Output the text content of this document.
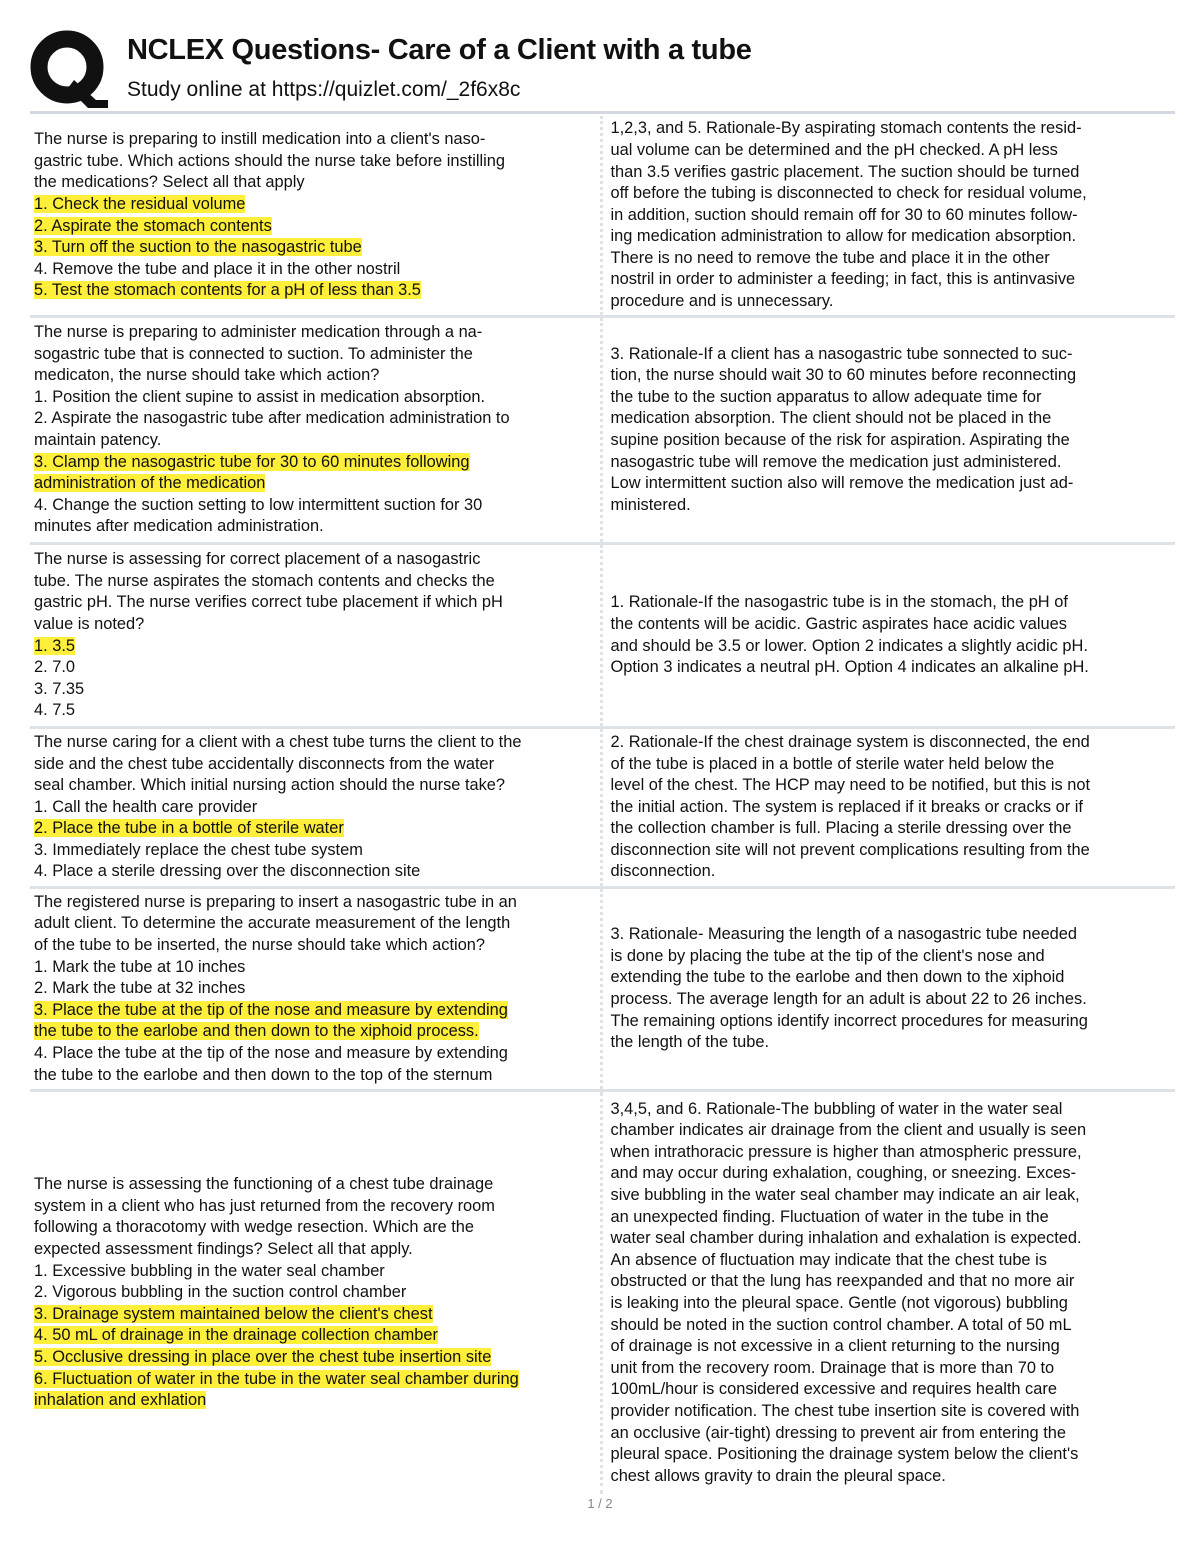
NCLEX Questions- Care of a Client with a tube
Study online at https://quizlet.com/_2f6x8c
The nurse is preparing to instill medication into a client's naso-
gastric tube. Which actions should the nurse take before instilling
the medications? Select all that apply
1. Check the residual volume
2. Aspirate the stomach contents
3. Turn off the suction to the nasogastric tube
4. Remove the tube and place it in the other nostril
5. Test the stomach contents for a pH of less than 3.5
1,2,3, and 5. Rationale-By aspirating stomach contents the resid-
ual volume can be determined and the pH checked. A pH less
than 3.5 verifies gastric placement. The suction should be turned
off before the tubing is disconnected to check for residual volume,
in addition, suction should remain off for 30 to 60 minutes follow-
ing medication administration to allow for medication absorption.
There is no need to remove the tube and place it in the other
nostril in order to administer a feeding; in fact, this is antinvasive
procedure and is unnecessary.
The nurse is preparing to administer medication through a na-
sogastric tube that is connected to suction. To administer the
medicaton, the nurse should take which action?
1. Position the client supine to assist in medication absorption.
2. Aspirate the nasogastric tube after medication administration to
maintain patency.
3. Clamp the nasogastric tube for 30 to 60 minutes following
administration of the medication
4. Change the suction setting to low intermittent suction for 30
minutes after medication administration.
3. Rationale-If a client has a nasogastric tube sonnected to suc-
tion, the nurse should wait 30 to 60 minutes before reconnecting
the tube to the suction apparatus to allow adequate time for
medication absorption. The client should not be placed in the
supine position because of the risk for aspiration. Aspirating the
nasogastric tube will remove the medication just administered.
Low intermittent suction also will remove the medication just ad-
ministered.
The nurse is assessing for correct placement of a nasogastric
tube. The nurse aspirates the stomach contents and checks the
gastric pH. The nurse verifies correct tube placement if which pH
value is noted?
1. 3.5
2. 7.0
3. 7.35
4. 7.5
1. Rationale-If the nasogastric tube is in the stomach, the pH of
the contents will be acidic. Gastric aspirates hace acidic values
and should be 3.5 or lower. Option 2 indicates a slightly acidic pH.
Option 3 indicates a neutral pH. Option 4 indicates an alkaline pH.
The nurse caring for a client with a chest tube turns the client to the
side and the chest tube accidentally disconnects from the water
seal chamber. Which initial nursing action should the nurse take?
1. Call the health care provider
2. Place the tube in a bottle of sterile water
3. Immediately replace the chest tube system
4. Place a sterile dressing over the disconnection site
2. Rationale-If the chest drainage system is disconnected, the end
of the tube is placed in a bottle of sterile water held below the
level of the chest. The HCP may need to be notified, but this is not
the initial action. The system is replaced if it breaks or cracks or if
the collection chamber is full. Placing a sterile dressing over the
disconnection site will not prevent complications resulting from the
disconnection.
The registered nurse is preparing to insert a nasogastric tube in an
adult client. To determine the accurate measurement of the length
of the tube to be inserted, the nurse should take which action?
1. Mark the tube at 10 inches
2. Mark the tube at 32 inches
3. Place the tube at the tip of the nose and measure by extending
the tube to the earlobe and then down to the xiphoid process.
4. Place the tube at the tip of the nose and measure by extending
the tube to the earlobe and then down to the top of the sternum
3. Rationale- Measuring the length of a nasogastric tube needed
is done by placing the tube at the tip of the client's nose and
extending the tube to the earlobe and then down to the xiphoid
process. The average length for an adult is about 22 to 26 inches.
The remaining options identify incorrect procedures for measuring
the length of the tube.
The nurse is assessing the functioning of a chest tube drainage
system in a client who has just returned from the recovery room
following a thoracotomy with wedge resection. Which are the
expected assessment findings? Select all that apply.
1. Excessive bubbling in the water seal chamber
2. Vigorous bubbling in the suction control chamber
3. Drainage system maintained below the client's chest
4. 50 mL of drainage in the drainage collection chamber
5. Occlusive dressing in place over the chest tube insertion site
6. Fluctuation of water in the tube in the water seal chamber during
inhalation and exhlation
3,4,5, and 6. Rationale-The bubbling of water in the water seal
chamber indicates air drainage from the client and usually is seen
when intrathoracic pressure is higher than atmospheric pressure,
and may occur during exhalation, coughing, or sneezing. Exces-
sive bubbling in the water seal chamber may indicate an air leak,
an unexpected finding. Fluctuation of water in the tube in the
water seal chamber during inhalation and exhalation is expected.
An absence of fluctuation may indicate that the chest tube is
obstructed or that the lung has reexpanded and that no more air
is leaking into the pleural space. Gentle (not vigorous) bubbling
should be noted in the suction control chamber. A total of 50 mL
of drainage is not excessive in a client returning to the nursing
unit from the recovery room. Drainage that is more than 70 to
100mL/hour is considered excessive and requires health care
provider notification. The chest tube insertion site is covered with
an occlusive (air-tight) dressing to prevent air from entering the
pleural space. Positioning the drainage system below the client's
chest allows gravity to drain the pleural space.
1 / 2
